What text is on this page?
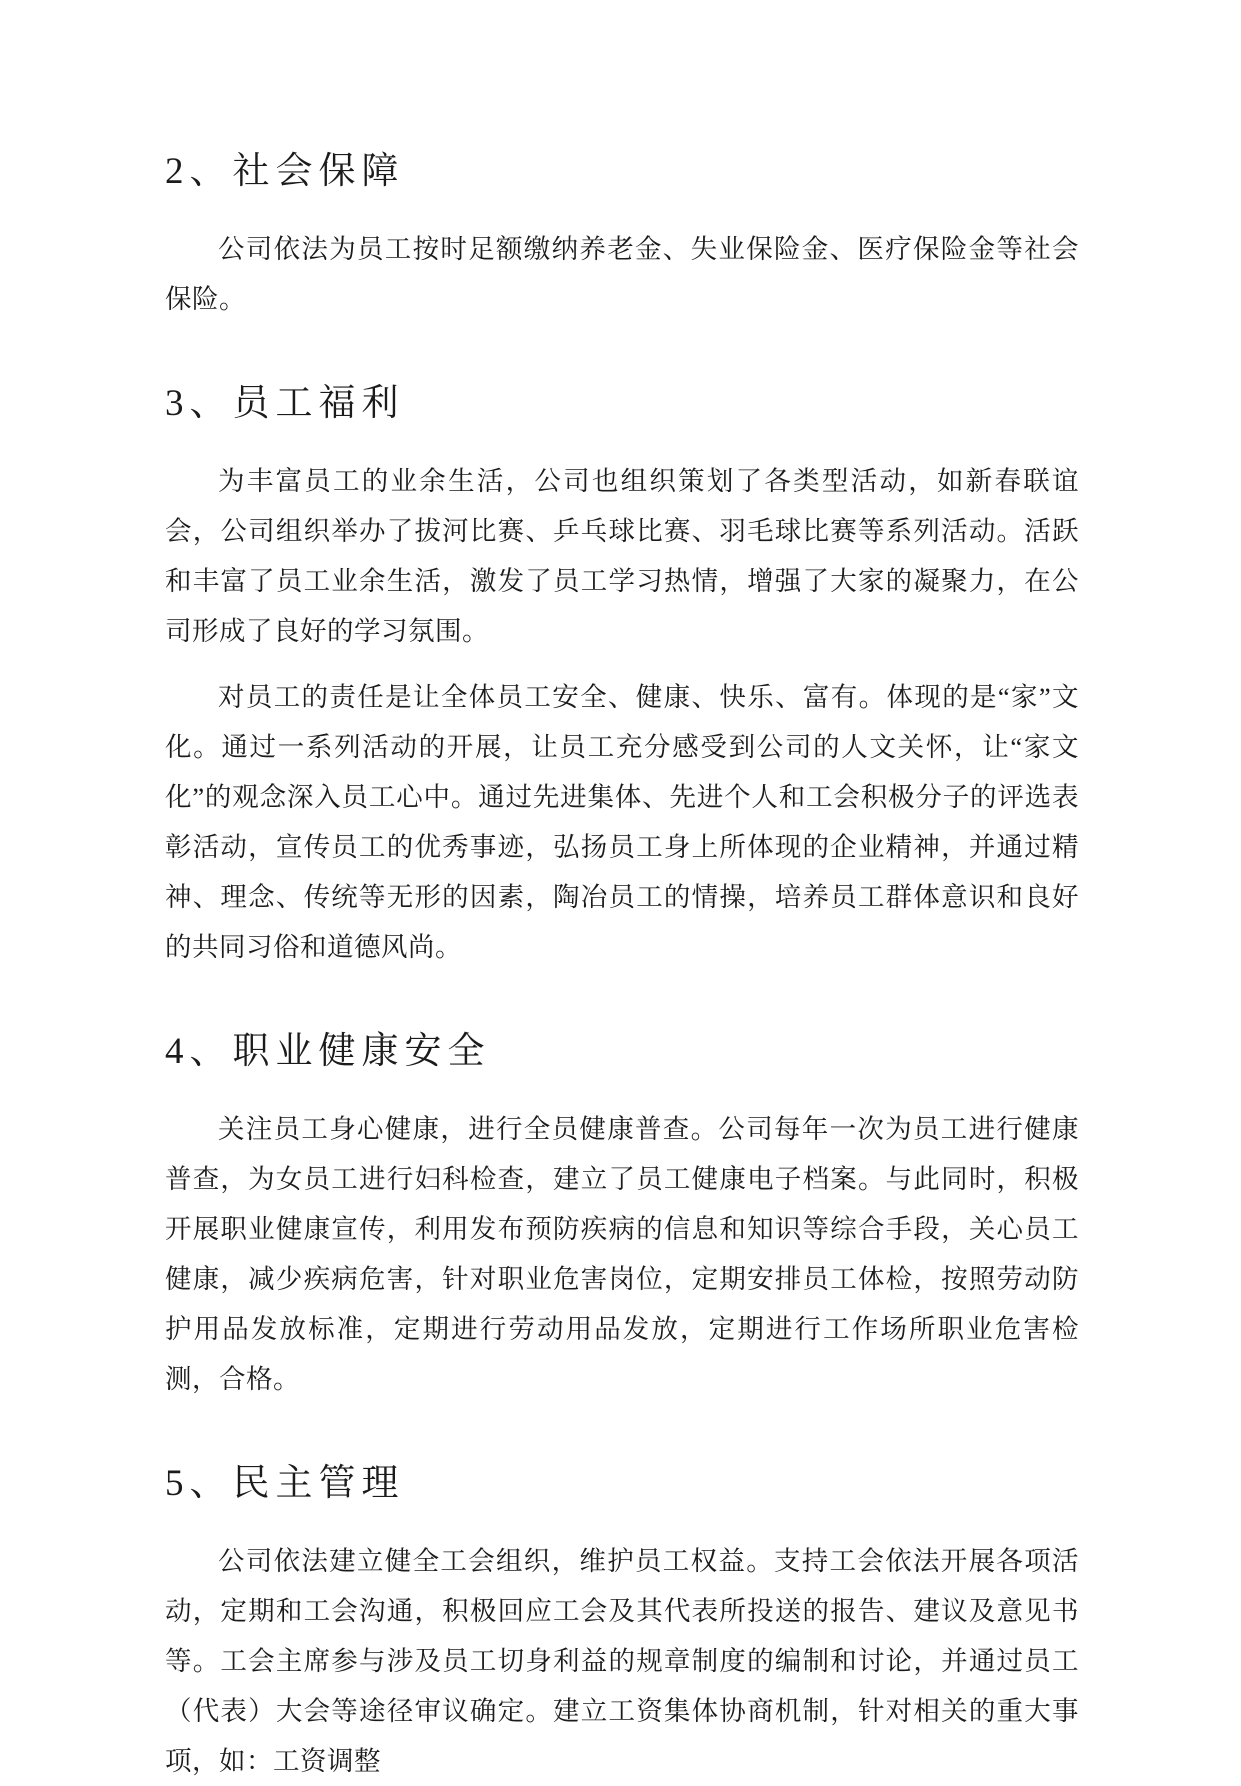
2、社会保障

公司依法为员工按时足额缴纳养老金、失业保险金、医疗保险金等社会保险。

3、员工福利

为丰富员工的业余生活，公司也组织策划了各类型活动，如新春联谊会，公司组织举办了拔河比赛、乒乓球比赛、羽毛球比赛等系列活动。活跃和丰富了员工业余生活，激发了员工学习热情，增强了大家的凝聚力，在公司形成了良好的学习氛围。

对员工的责任是让全体员工安全、健康、快乐、富有。体现的是“家”文化。通过一系列活动的开展，让员工充分感受到公司的人文关怀，让“家文化”的观念深入员工心中。通过先进集体、先进个人和工会积极分子的评选表彰活动，宣传员工的优秀事迹，弘扬员工身上所体现的企业精神，并通过精神、理念、传统等无形的因素，陶冶员工的情操，培养员工群体意识和良好的共同习俗和道德风尚。

4、职业健康安全

关注员工身心健康，进行全员健康普查。公司每年一次为员工进行健康普查，为女员工进行妇科检查，建立了员工健康电子档案。与此同时，积极开展职业健康宣传，利用发布预防疾病的信息和知识等综合手段，关心员工健康，减少疾病危害，针对职业危害岗位，定期安排员工体检，按照劳动防护用品发放标准，定期进行劳动用品发放，定期进行工作场所职业危害检测，合格。

5、民主管理

公司依法建立健全工会组织，维护员工权益。支持工会依法开展各项活动，定期和工会沟通，积极回应工会及其代表所投送的报告、建议及意见书等。工会主席参与涉及员工切身利益的规章制度的编制和讨论，并通过员工（代表）大会等途径审议确定。建立工资集体协商机制，针对相关的重大事项，如：工资调整
